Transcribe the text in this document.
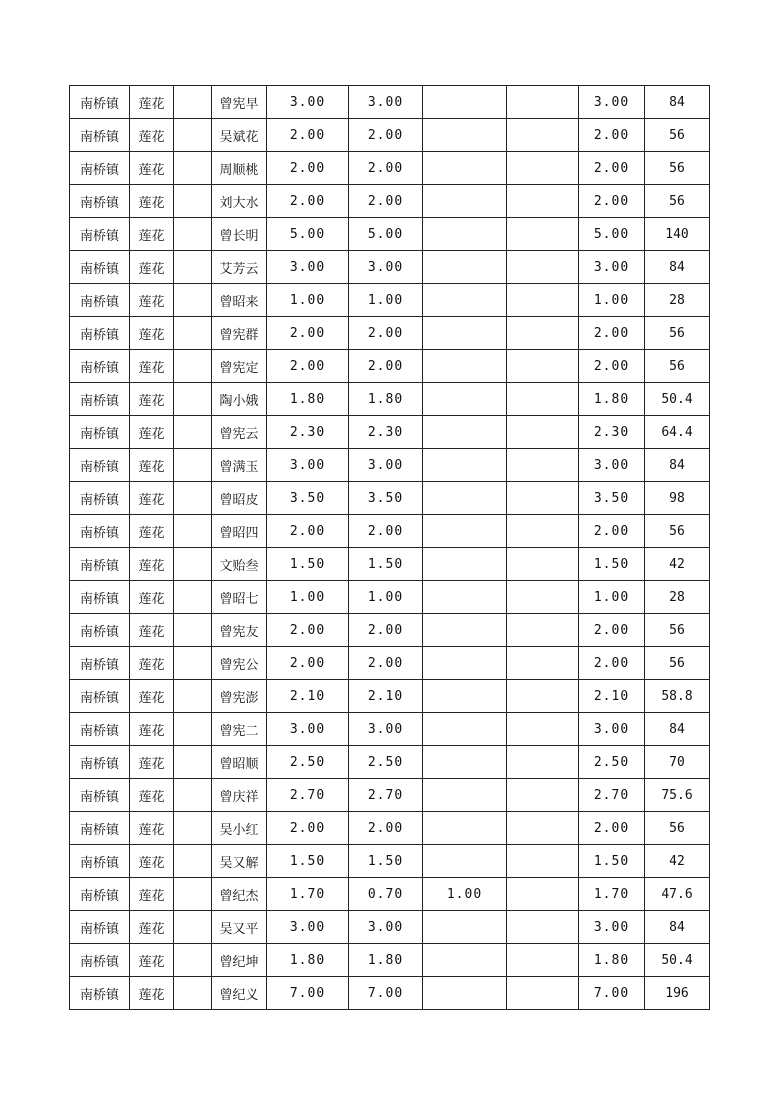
南桥镇	莲花		曾宪早	3.00	3.00			3.00	84
南桥镇	莲花		吴斌花	2.00	2.00			2.00	56
南桥镇	莲花		周顺桃	2.00	2.00			2.00	56
南桥镇	莲花		刘大水	2.00	2.00			2.00	56
南桥镇	莲花		曾长明	5.00	5.00			5.00	140
南桥镇	莲花		艾芳云	3.00	3.00			3.00	84
南桥镇	莲花		曾昭来	1.00	1.00			1.00	28
南桥镇	莲花		曾宪群	2.00	2.00			2.00	56
南桥镇	莲花		曾宪定	2.00	2.00			2.00	56
南桥镇	莲花		陶小娥	1.80	1.80			1.80	50.4
南桥镇	莲花		曾宪云	2.30	2.30			2.30	64.4
南桥镇	莲花		曾满玉	3.00	3.00			3.00	84
南桥镇	莲花		曾昭皮	3.50	3.50			3.50	98
南桥镇	莲花		曾昭四	2.00	2.00			2.00	56
南桥镇	莲花		文贻叁	1.50	1.50			1.50	42
南桥镇	莲花		曾昭七	1.00	1.00			1.00	28
南桥镇	莲花		曾宪友	2.00	2.00			2.00	56
南桥镇	莲花		曾宪公	2.00	2.00			2.00	56
南桥镇	莲花		曾宪澎	2.10	2.10			2.10	58.8
南桥镇	莲花		曾宪二	3.00	3.00			3.00	84
南桥镇	莲花		曾昭顺	2.50	2.50			2.50	70
南桥镇	莲花		曾庆祥	2.70	2.70			2.70	75.6
南桥镇	莲花		吴小红	2.00	2.00			2.00	56
南桥镇	莲花		吴又解	1.50	1.50			1.50	42
南桥镇	莲花		曾纪杰	1.70	0.70	1.00		1.70	47.6
南桥镇	莲花		吴又平	3.00	3.00			3.00	84
南桥镇	莲花		曾纪坤	1.80	1.80			1.80	50.4
南桥镇	莲花		曾纪义	7.00	7.00			7.00	196
